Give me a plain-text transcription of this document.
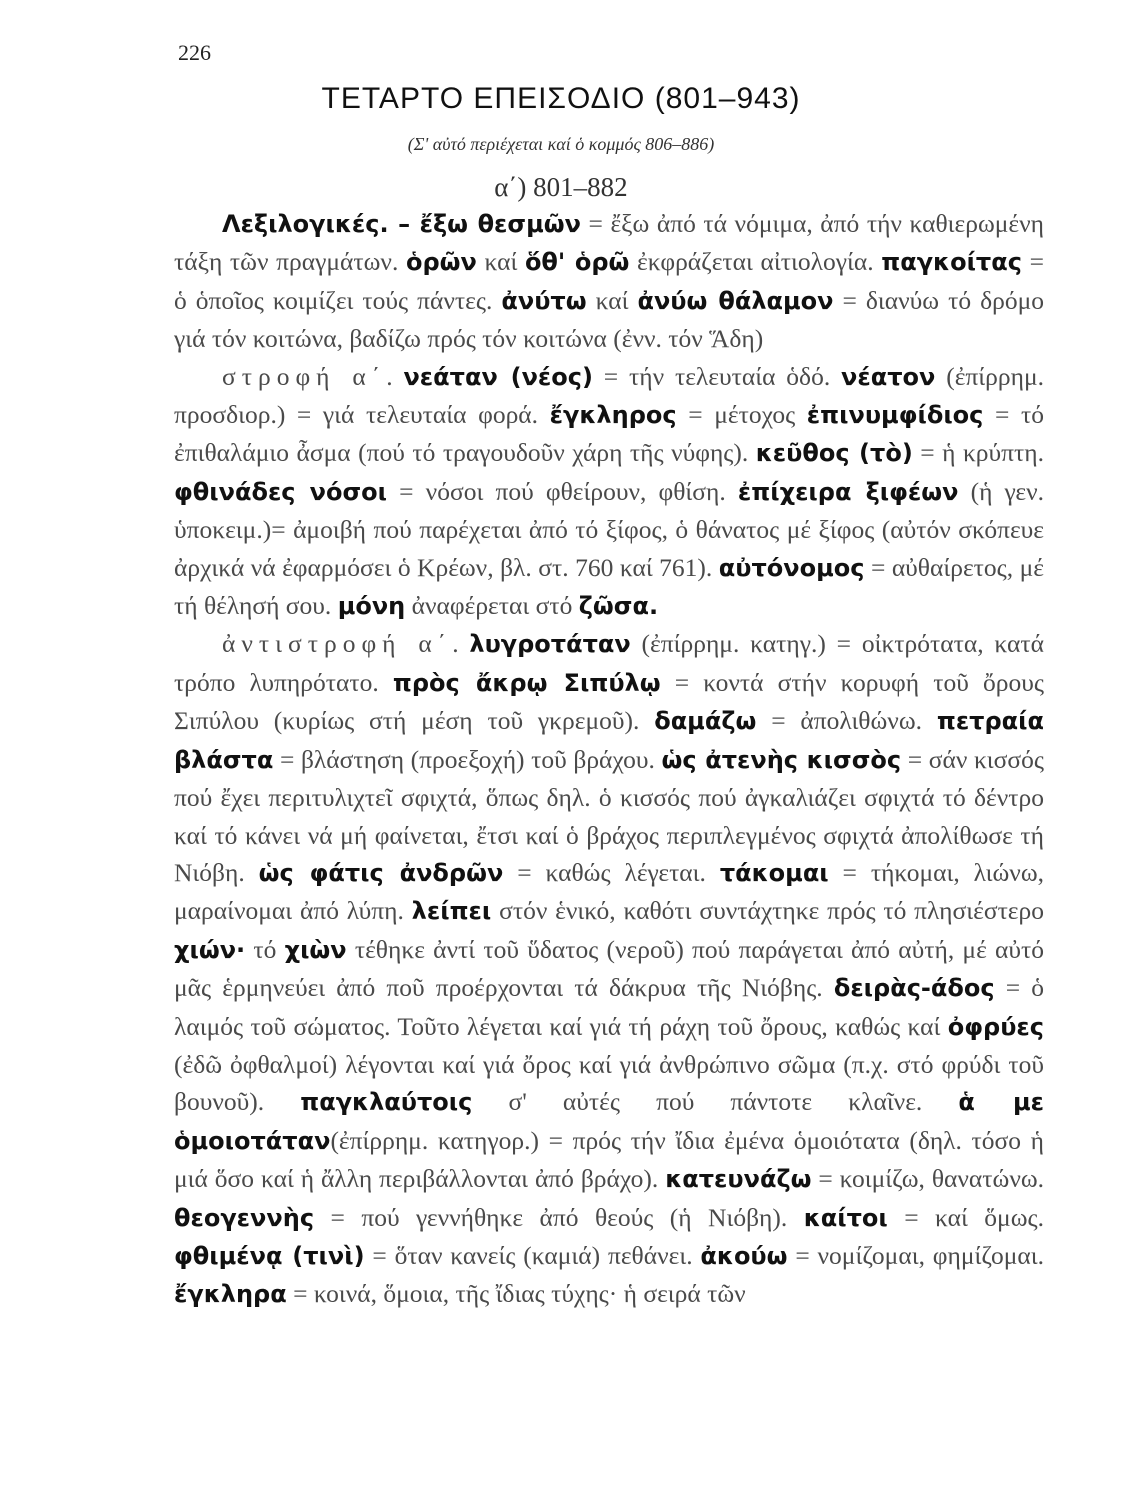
226
ΤΕΤΑΡΤΟ ΕΠΕΙΣΟΔΙΟ (801–943)
(Σ' αὐτό περιέχεται καί ὁ κομμός 806–886)
α΄) 801–882

Λεξιλογικές. – ἔξω θεσμῶν = ἔξω ἀπό τά νόμιμα, ἀπό τήν καθιερωμένη τάξη τῶν πραγμάτων. ὁρῶν καί ὅθ' ὁρῶ ἐκφράζεται αἰτιολογία. παγκοίτας = ὁ ὁποῖος κοιμίζει τούς πάντες. ἀνύτω καί ἀνύω θάλαμον = διανύω τό δρόμο γιά τόν κοιτώνα, βαδίζω πρός τόν κοιτώνα (ἐνν. τόν Ἅδη)

στροφή α΄. νεάταν (νέος) = τήν τελευταία ὁδό. νέατον (ἐπίρρημ. προσδιορ.) = γιά τελευταία φορά. ἔγκληρος = μέτοχος ἐπινυμφίδιος = τό ἐπιθαλάμιο ἆσμα (πού τό τραγουδοῦν χάρη τῆς νύφης). κεῦθος (τὸ) = ἡ κρύπτη. φθινάδες νόσοι = νόσοι πού φθείρουν, φθίση. ἐπίχειρα ξιφέων (ἡ γεν. ὑποκειμ.)= ἀμοιβή πού παρέχεται ἀπό τό ξίφος, ὁ θάνατος μέ ξίφος (αὐτόν σκόπευε ἀρχικά νά ἐφαρμόσει ὁ Κρέων, βλ. στ. 760 καί 761). αὐτόνομος = αὐθαίρετος, μέ τή θέλησή σου. μόνη ἀναφέρεται στό ζῶσα.

ἀντιστροφή α΄. λυγροτάταν (ἐπίρρημ. κατηγ.) = οἰκτρότατα, κατά τρόπο λυπηρότατο. πρὸς ἄκρῳ Σιπύλῳ = κοντά στήν κορυφή τοῦ ὄρους Σιπύλου (κυρίως στή μέση τοῦ γκρεμοῦ). δαμάζω = ἀπολιθώνω. πετραία βλάστα = βλάστηση (προεξοχή) τοῦ βράχου. ὡς ἀτενὴς κισσὸς = σάν κισσός πού ἔχει περιτυλιχτεῖ σφιχτά, ὅπως δηλ. ὁ κισσός πού ἀγκαλιάζει σφιχτά τό δέντρο καί τό κάνει νά μή φαίνεται, ἔτσι καί ὁ βράχος περιπλεγμένος σφιχτά ἀπολίθωσε τή Νιόβη. ὡς φάτις ἀνδρῶν = καθώς λέγεται. τάκομαι = τήκομαι, λιώνω, μαραίνομαι ἀπό λύπη. λείπει στόν ἑνικό, καθότι συντάχτηκε πρός τό πλησιέστερο χιών· τό χιὼν τέθηκε ἀντί τοῦ ὕδατος (νεροῦ) πού παράγεται ἀπό αὐτή, μέ αὐτό μᾶς ἑρμηνεύει ἀπό ποῦ προέρχονται τά δάκρυα τῆς Νιόβης. δειρὰς-άδος = ὁ λαιμός τοῦ σώματος. Τοῦτο λέγεται καί γιά τή ράχη τοῦ ὄρους, καθώς καί ὀφρύες (ἐδῶ ὀφθαλμοί) λέγονται καί γιά ὄρος καί γιά ἀνθρώπινο σῶμα (π.χ. στό φρύδι τοῦ βουνοῦ). παγκλαύτοις σ' αὐτές πού πάντοτε κλαῖνε. ἁ με ὁμοιοτάταν(ἐπίρρημ. κατηγορ.) = πρός τήν ἴδια ἐμένα ὁμοιότατα (δηλ. τόσο ἡ μιά ὅσο καί ἡ ἄλλη περιβάλλονται ἀπό βράχο). κατευνάζω = κοιμίζω, θανατώνω. θεογεννὴς = πού γεννήθηκε ἀπό θεούς (ἡ Νιόβη). καίτοι = καί ὅμως. φθιμένᾳ (τινὶ) = ὅταν κανείς (καμιά) πεθάνει. ἀκούω = νομίζομαι, φημίζομαι. ἔγκληρα = κοινά, ὅμοια, τῆς ἴδιας τύχης· ἡ σειρά τῶν
